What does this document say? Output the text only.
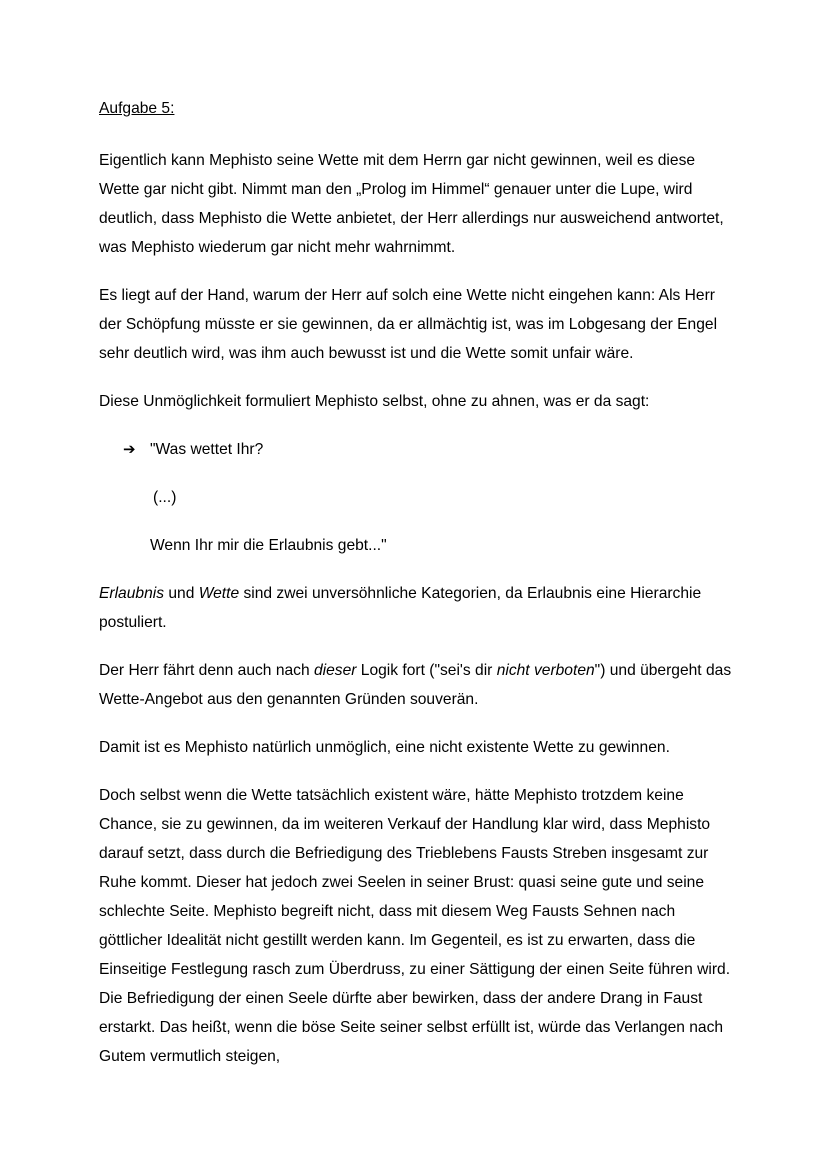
Aufgabe 5:

Eigentlich kann Mephisto seine Wette mit dem Herrn gar nicht gewinnen, weil es diese Wette gar nicht gibt. Nimmt man den „Prolog im Himmel“ genauer unter die Lupe, wird deutlich, dass Mephisto die Wette anbietet, der Herr allerdings nur ausweichend antwortet, was Mephisto wiederum gar nicht mehr wahrnimmt.

Es liegt auf der Hand, warum der Herr auf solch eine Wette nicht eingehen kann: Als Herr der Schöpfung müsste er sie gewinnen, da er allmächtig ist, was im Lobgesang der Engel sehr deutlich wird, was ihm auch bewusst ist und die Wette somit unfair wäre.

Diese Unmöglichkeit formuliert Mephisto selbst, ohne zu ahnen, was er da sagt:

➔ "Was wettet Ihr?
(...)
Wenn Ihr mir die Erlaubnis gebt..."

Erlaubnis und Wette sind zwei unversöhnliche Kategorien, da Erlaubnis eine Hierarchie postuliert.

Der Herr fährt denn auch nach dieser Logik fort ("sei's dir nicht verboten") und übergeht das Wette-Angebot aus den genannten Gründen souverän.

Damit ist es Mephisto natürlich unmöglich, eine nicht existente Wette zu gewinnen.

Doch selbst wenn die Wette tatsächlich existent wäre, hätte Mephisto trotzdem keine Chance, sie zu gewinnen, da im weiteren Verkauf der Handlung klar wird, dass Mephisto darauf setzt, dass durch die Befriedigung des Trieblebens Fausts Streben insgesamt zur Ruhe kommt. Dieser hat jedoch zwei Seelen in seiner Brust: quasi seine gute und seine schlechte Seite. Mephisto begreift nicht, dass mit diesem Weg Fausts Sehnen nach göttlicher Idealität nicht gestillt werden kann. Im Gegenteil, es ist zu erwarten, dass die Einseitige Festlegung rasch zum Überdruss, zu einer Sättigung der einen Seite führen wird. Die Befriedigung der einen Seele dürfte aber bewirken, dass der andere Drang in Faust erstarkt. Das heißt, wenn die böse Seite seiner selbst erfüllt ist, würde das Verlangen nach Gutem vermutlich steigen,
